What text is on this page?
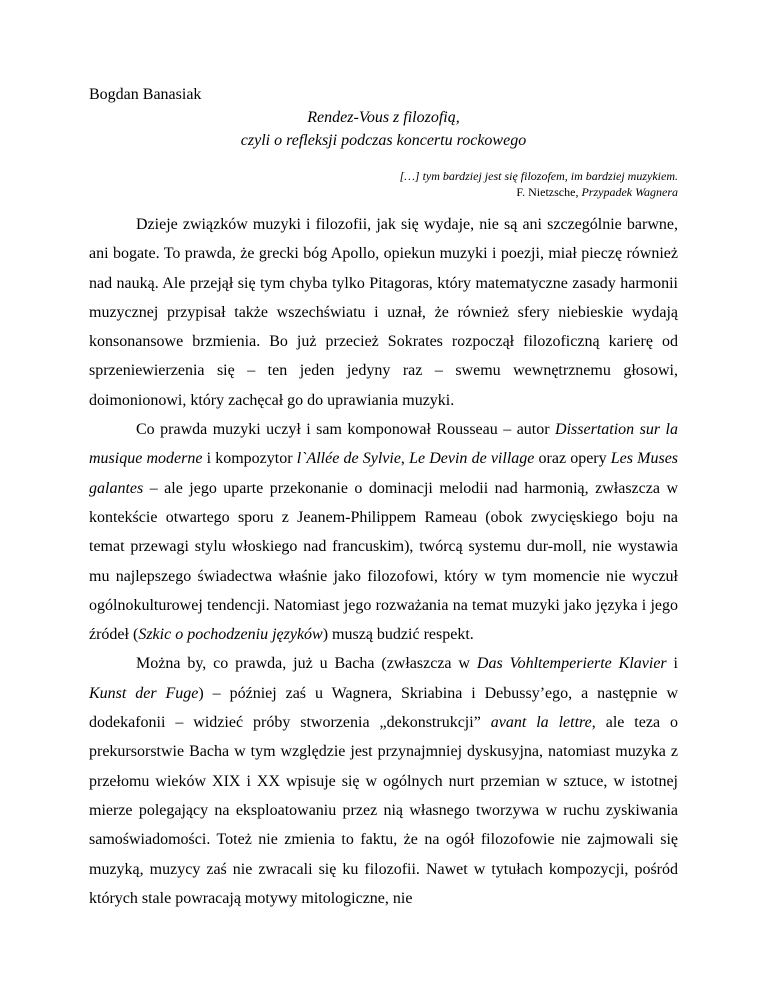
Bogdan Banasiak

Rendez-Vous z filozofią,

czyli o refleksji podczas koncertu rockowego

[…] tym bardziej jest się filozofem, im bardziej muzykiem.
F. Nietzsche, Przypadek Wagnera

Dzieje związków muzyki i filozofii, jak się wydaje, nie są ani szczególnie barwne, ani bogate. To prawda, że grecki bóg Apollo, opiekun muzyki i poezji, miał pieczę również nad nauką. Ale przejął się tym chyba tylko Pitagoras, który matematyczne zasady harmonii muzycznej przypisał także wszechświatu i uznał, że również sfery niebieskie wydają konsonansowe brzmienia. Bo już przecież Sokrates rozpoczął filozoficzną karierę od sprzeniewierzenia się – ten jeden jedyny raz – swemu wewnętrznemu głosowi, doimonionowi, który zachęcał go do uprawiania muzyki.

Co prawda muzyki uczył i sam komponował Rousseau – autor Dissertation sur la musique moderne i kompozytor l`Allée de Sylvie, Le Devin de village oraz opery Les Muses galantes – ale jego uparte przekonanie o dominacji melodii nad harmonią, zwłaszcza w kontekście otwartego sporu z Jeanem-Philippem Rameau (obok zwycięskiego boju na temat przewagi stylu włoskiego nad francuskim), twórcą systemu dur-moll, nie wystawia mu najlepszego świadectwa właśnie jako filozofowi, który w tym momencie nie wyczuł ogólnokulturowej tendencji. Natomiast jego rozważania na temat muzyki jako języka i jego źródeł (Szkic o pochodzeniu języków) muszą budzić respekt.

Można by, co prawda, już u Bacha (zwłaszcza w Das Vohltemperierte Klavier i Kunst der Fuge) – później zaś u Wagnera, Skriabina i Debussy’ego, a następnie w dodekafonii – widzieć próby stworzenia „dekonstrukcji” avant la lettre, ale teza o prekursorstwie Bacha w tym względzie jest przynajmniej dyskusyjna, natomiast muzyka z przełomu wieków XIX i XX wpisuje się w ogólnych nurt przemian w sztuce, w istotnej mierze polegający na eksploatowaniu przez nią własnego tworzywa w ruchu zyskiwania samoświadomości. Toteż nie zmienia to faktu, że na ogół filozofowie nie zajmowali się muzyką, muzycy zaś nie zwracali się ku filozofii. Nawet w tytułach kompozycji, pośród których stale powracają motywy mitologiczne, nie
